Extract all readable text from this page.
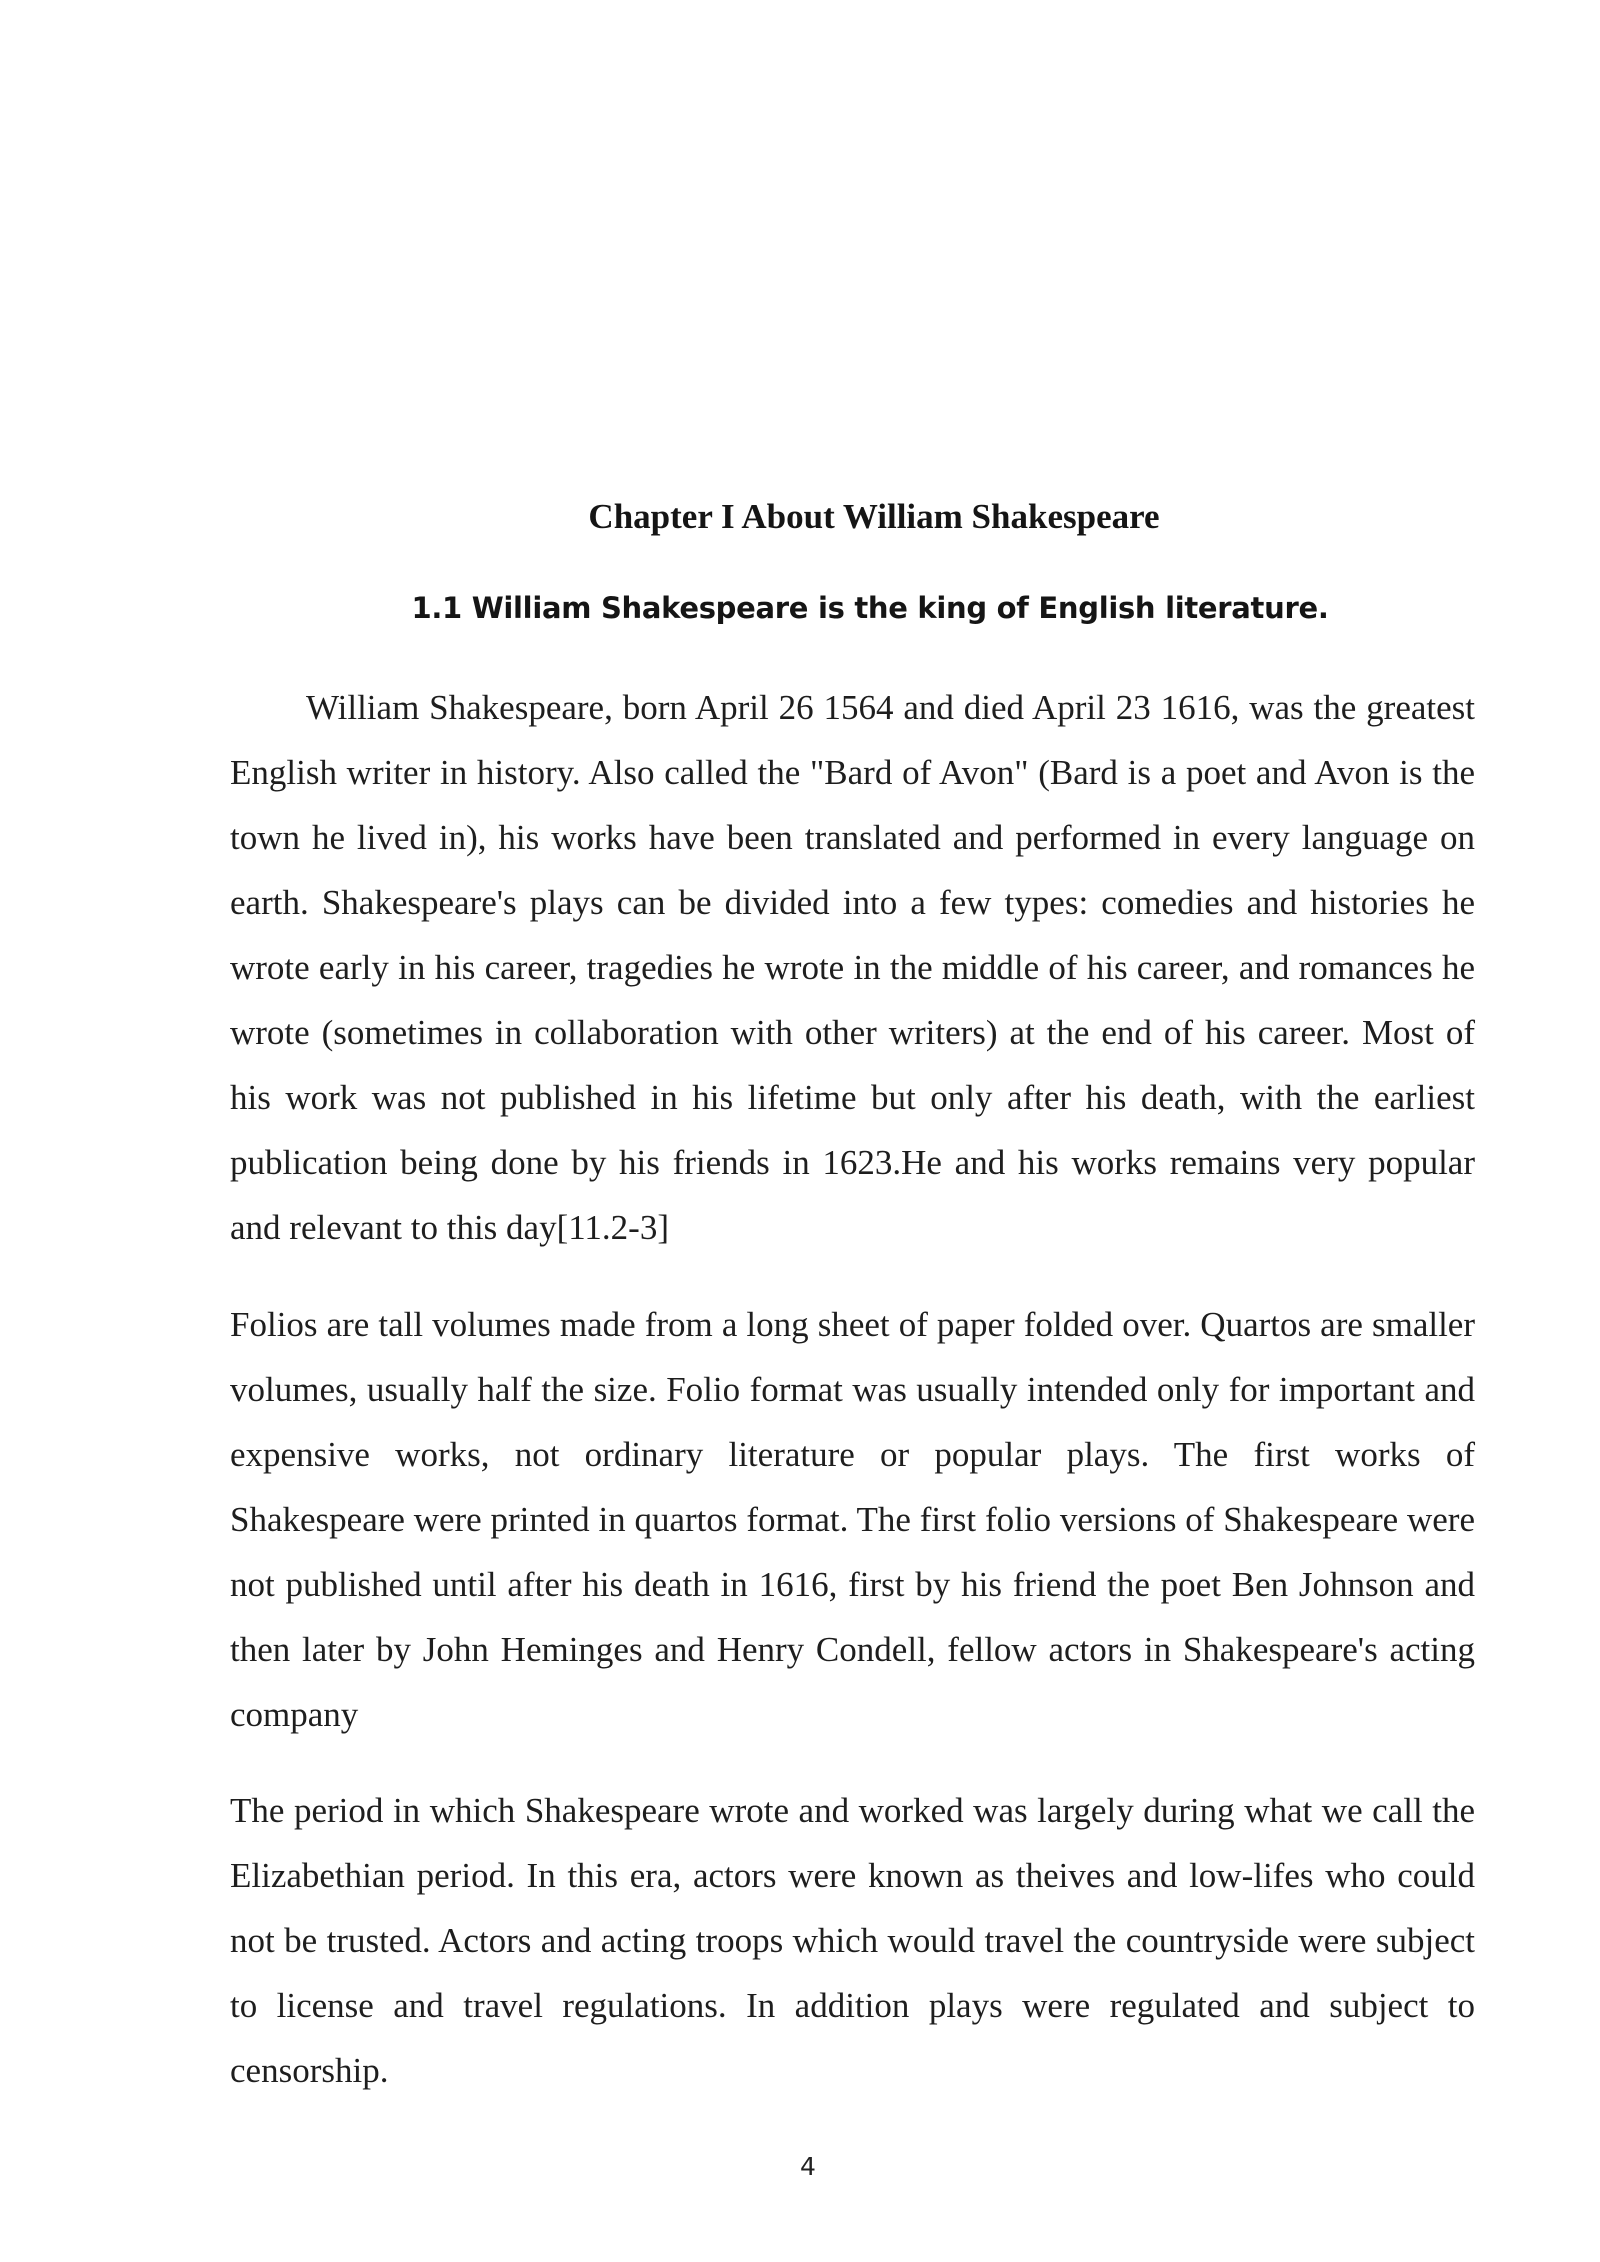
Chapter I About William Shakespeare
1.1 William Shakespeare is the king of English literature.

William Shakespeare, born April 26 1564 and died April 23 1616, was the greatest English writer in history. Also called the "Bard of Avon" (Bard is a poet and Avon is the town he lived in), his works have been translated and performed in every language on earth. Shakespeare's plays can be divided into a few types: comedies and histories he wrote early in his career, tragedies he wrote in the middle of his career, and romances he wrote (sometimes in collaboration with other writers) at the end of his career. Most of his work was not published in his lifetime but only after his death, with the earliest publication being done by his friends in 1623.He and his works remains very popular and relevant to this day[11.2-3]

Folios are tall volumes made from a long sheet of paper folded over. Quartos are smaller volumes, usually half the size. Folio format was usually intended only for important and expensive works, not ordinary literature or popular plays. The first works of Shakespeare were printed in quartos format. The first folio versions of Shakespeare were not published until after his death in 1616, first by his friend the poet Ben Johnson and then later by John Heminges and Henry Condell, fellow actors in Shakespeare's acting company

The period in which Shakespeare wrote and worked was largely during what we call the Elizabethian period. In this era, actors were known as theives and low-lifes who could not be trusted. Actors and acting troops which would travel the countryside were subject to license and travel regulations. In addition plays were regulated and subject to censorship.

4
